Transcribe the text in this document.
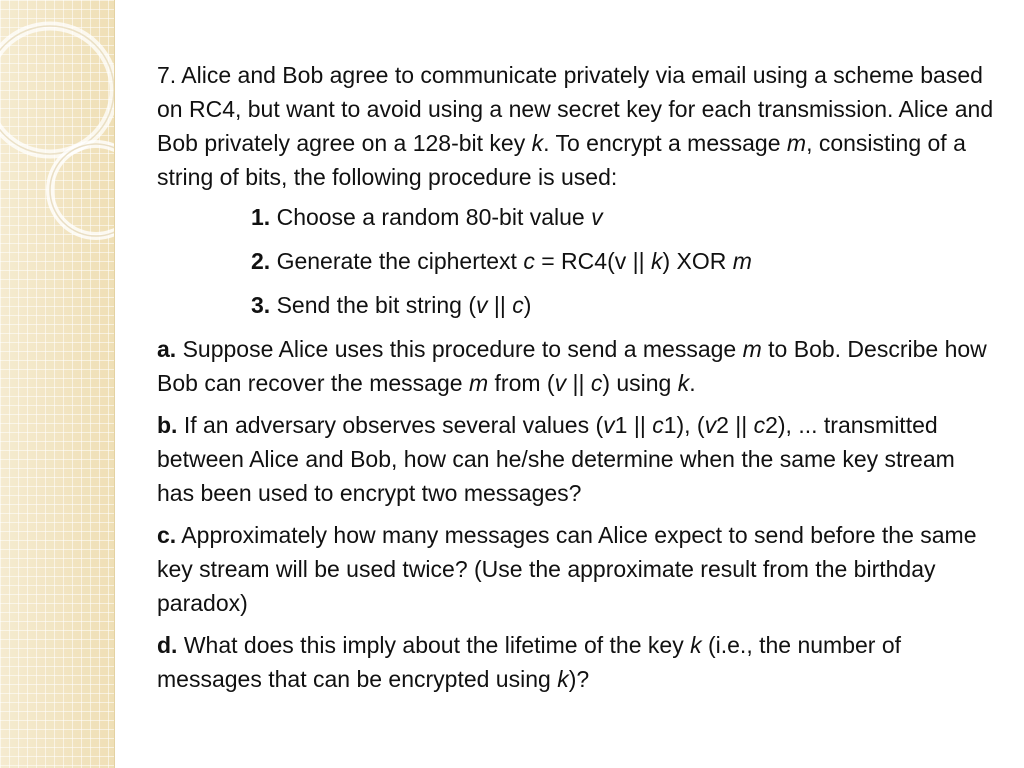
7. Alice and Bob agree to communicate privately via email using a scheme based on RC4, but want to avoid using a new secret key for each transmission. Alice and Bob privately agree on a 128-bit key k. To encrypt a message m, consisting of a string of bits, the following procedure is used:

1. Choose a random 80-bit value v

2. Generate the ciphertext c = RC4(v || k) XOR m

3. Send the bit string (v || c)

a. Suppose Alice uses this procedure to send a message m to Bob. Describe how Bob can recover the message m from (v || c) using k.

b. If an adversary observes several values (v1 || c1), (v2 || c2), ... transmitted between Alice and Bob, how can he/she determine when the same key stream has been used to encrypt two messages?

c. Approximately how many messages can Alice expect to send before the same key stream will be used twice? (Use the approximate result from the birthday paradox)

d. What does this imply about the lifetime of the key k (i.e., the number of messages that can be encrypted using k)?
